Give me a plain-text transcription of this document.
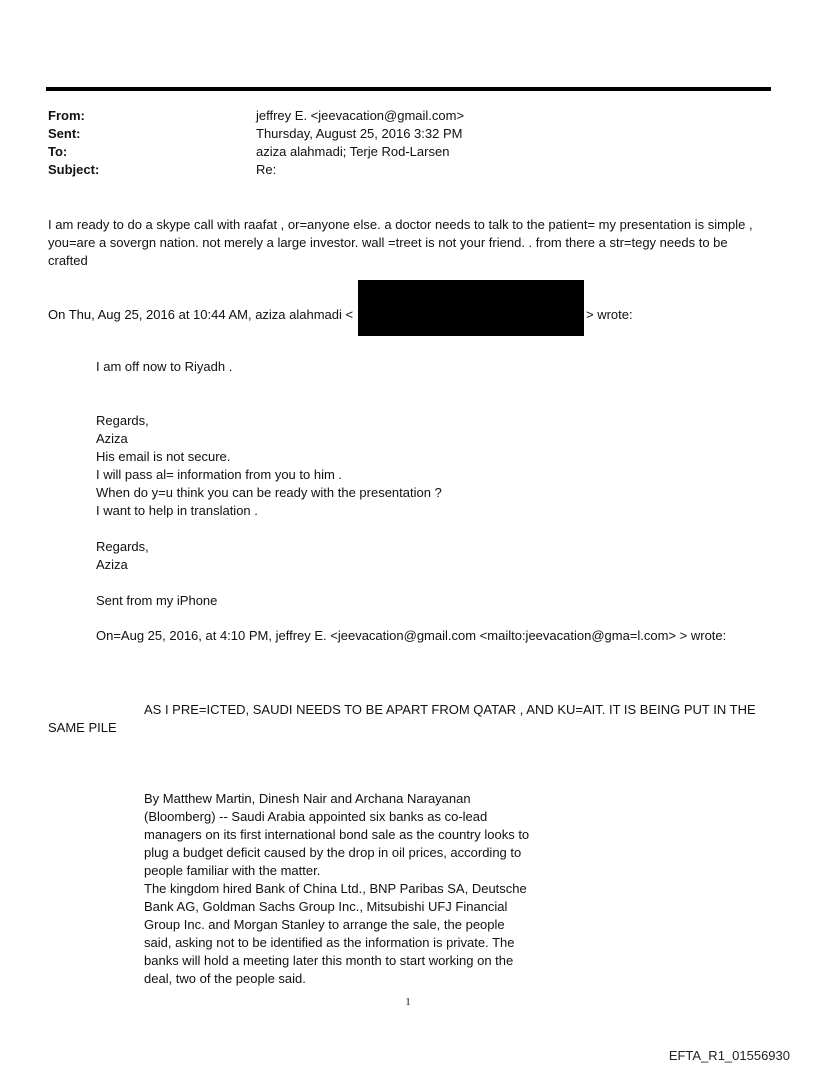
From:	jeffrey E. <jeevacation@gmail.com>
Sent:	Thursday, August 25, 2016 3:32 PM
To:	aziza alahmadi; Terje Rod-Larsen
Subject:	Re:
I am ready to do a skype call with raafat , or=anyone else. a doctor needs to talk to the patient= my presentation is simple , you=are a sovergn nation. not merely a large investor. wall =treet is not your friend. . from there a str=tegy needs to be crafted
On Thu, Aug 25, 2016 at 10:44 AM, aziza alahmadi <	> wrote:
I am off now to Riyadh .
Regards,
Aziza
His email is not secure.
I will pass al= information from you to him .
When do y=u think you can be ready with the presentation ?
I want to help in translation .
Regards,
Aziza
Sent from my iPhone
On=Aug 25, 2016, at 4:10 PM, jeffrey E. <jeevacation@gmail.com <mailto:jeevacation@gma=l.com> > wrote:
AS I PRE=ICTED, SAUDI NEEDS TO BE APART FROM QATAR , AND KU=AIT. IT IS BEING PUT IN THE
SAME PILE
By Matthew Martin, Dinesh Nair and Archana Narayanan
(Bloomberg) -- Saudi Arabia appointed six banks as co-lead managers on its first international bond sale as the country looks to plug a budget deficit caused by the drop in oil prices, according to people familiar with the matter.
The kingdom hired Bank of China Ltd., BNP Paribas SA, Deutsche Bank AG, Goldman Sachs Group Inc., Mitsubishi UFJ Financial Group Inc. and Morgan Stanley to arrange the sale, the people said, asking not to be identified as the information is private. The banks will hold a meeting later this month to start working on the deal, two of the people said.
1
EFTA_R1_01556930
